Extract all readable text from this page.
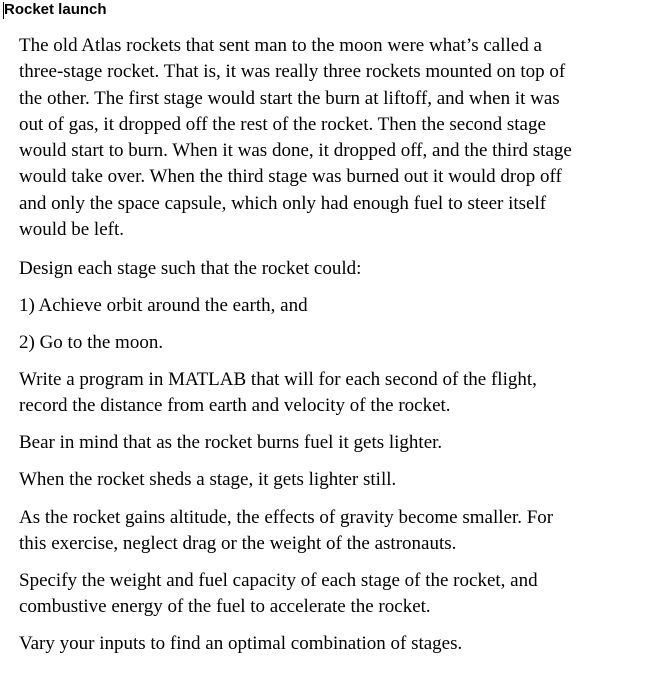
Rocket launch

The old Atlas rockets that sent man to the moon were what’s called a
three-stage rocket. That is, it was really three rockets mounted on top of
the other. The first stage would start the burn at liftoff, and when it was
out of gas, it dropped off the rest of the rocket. Then the second stage
would start to burn. When it was done, it dropped off, and the third stage
would take over. When the third stage was burned out it would drop off
and only the space capsule, which only had enough fuel to steer itself
would be left.

Design each stage such that the rocket could:

1) Achieve orbit around the earth, and

2) Go to the moon.

Write a program in MATLAB that will for each second of the flight,
record the distance from earth and velocity of the rocket.

Bear in mind that as the rocket burns fuel it gets lighter.

When the rocket sheds a stage, it gets lighter still.

As the rocket gains altitude, the effects of gravity become smaller. For
this exercise, neglect drag or the weight of the astronauts.

Specify the weight and fuel capacity of each stage of the rocket, and
combustive energy of the fuel to accelerate the rocket.

Vary your inputs to find an optimal combination of stages.
